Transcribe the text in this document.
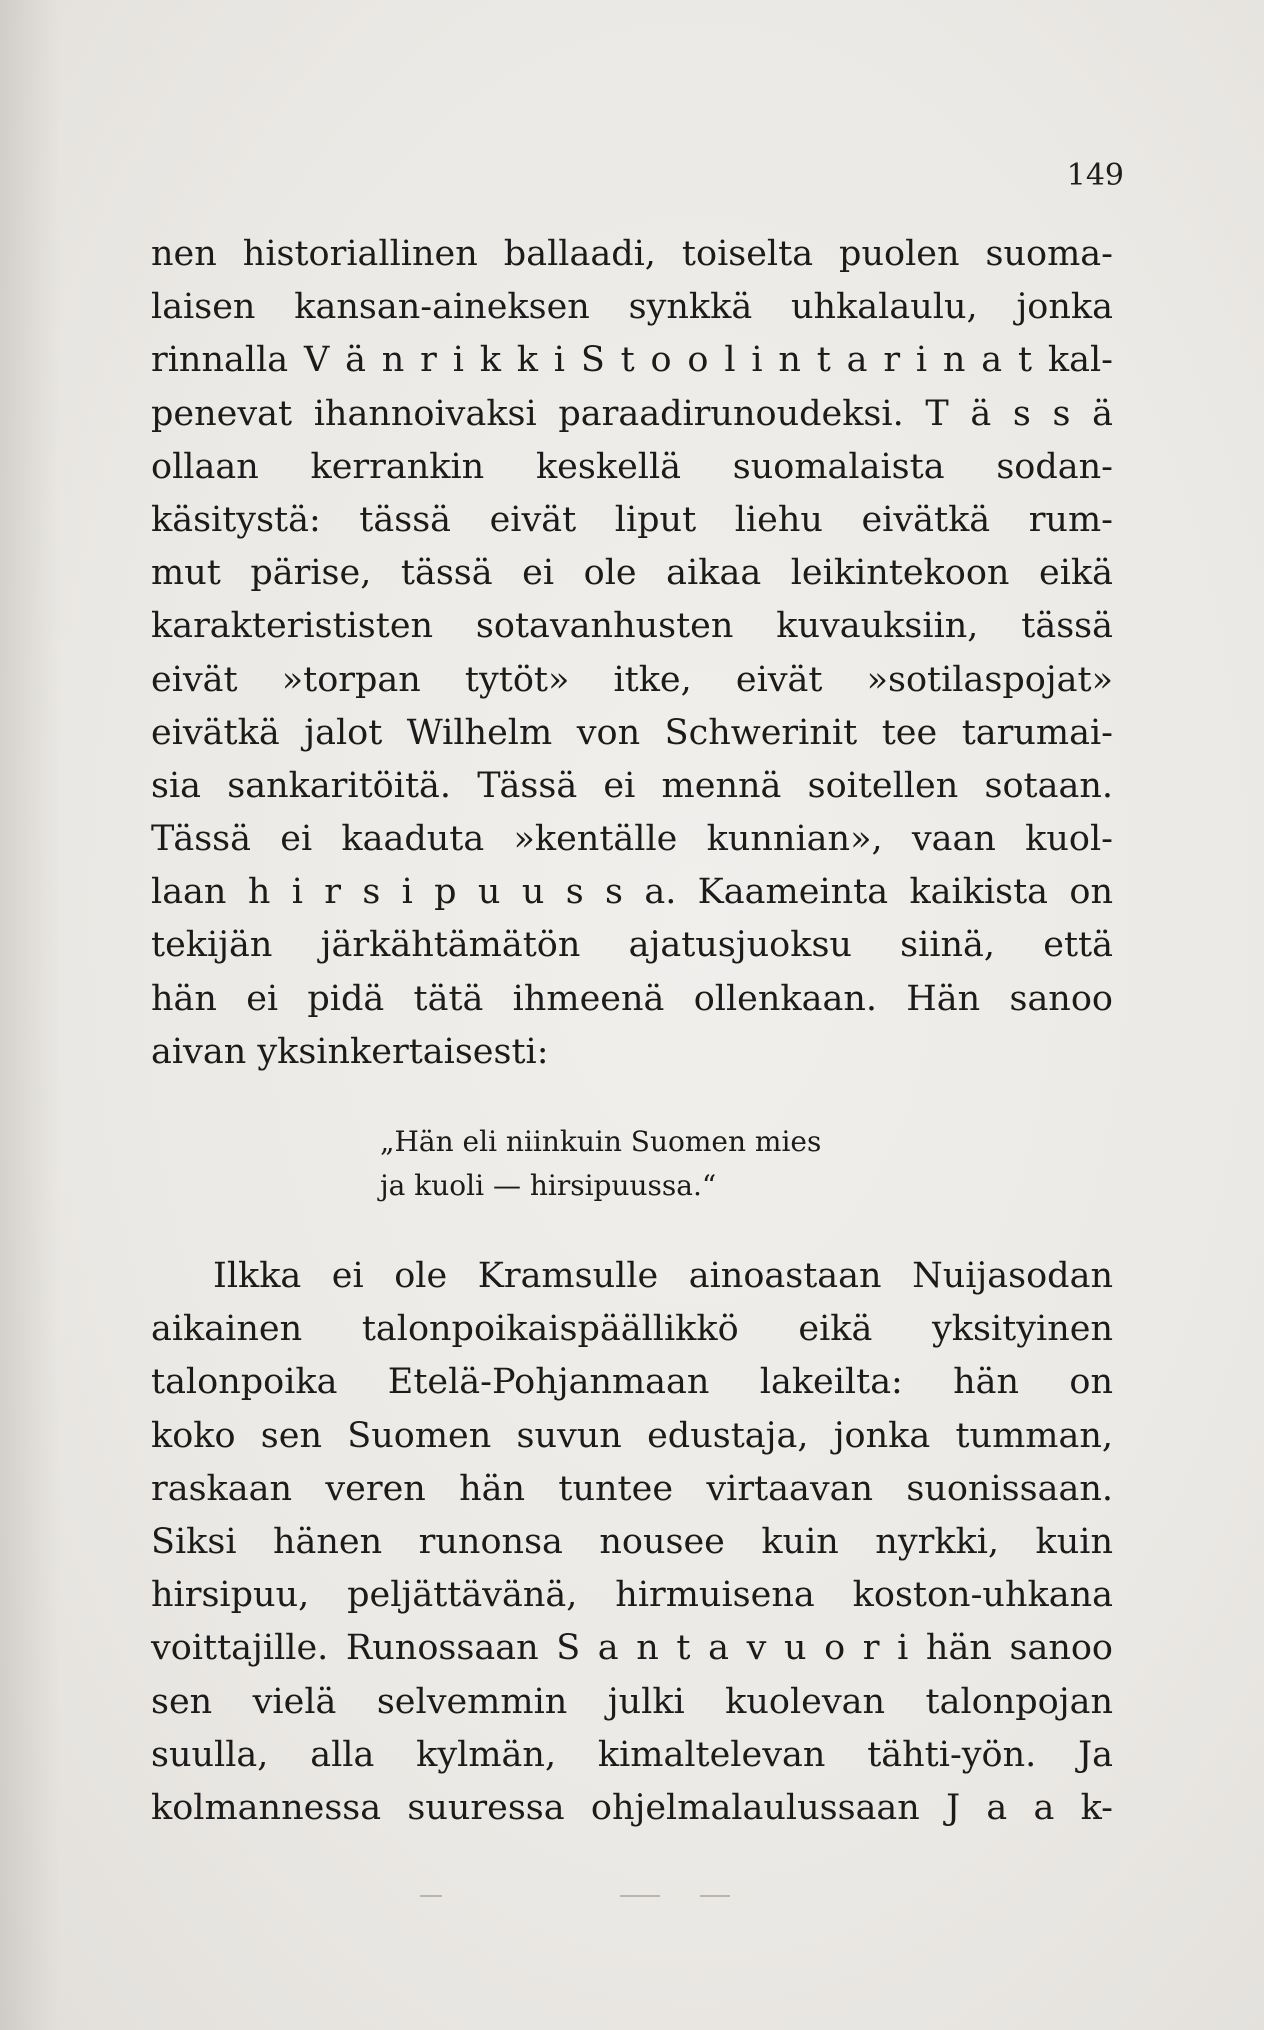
149

nen historiallinen ballaadi, toiselta puolen suoma-
laisen kansan-aineksen synkkä uhkalaulu, jonka
rinnalla V ä n r i k k i S t o o l i n t a r i n a t kal-
penevat ihannoivaksi paraadirunoudeksi. T ä s s ä
ollaan kerrankin keskellä suomalaista sodan-
käsitystä: tässä eivät liput liehu eivätkä rum-
mut pärise, tässä ei ole aikaa leikintekoon eikä
karakterististen sotavanhusten kuvauksiin, tässä
eivät »torpan tytöt» itke, eivät »sotilaspojat»
eivätkä jalot Wilhelm von Schwerinit tee tarumai-
sia sankaritöitä. Tässä ei mennä soitellen sotaan.
Tässä ei kaaduta »kentälle kunnian», vaan kuol-
laan h i r s i p u u s s a. Kaameinta kaikista on
tekijän järkähtämätön ajatusjuoksu siinä, että
hän ei pidä tätä ihmeenä ollenkaan. Hän sanoo
aivan yksinkertaisesti:
„Hän eli niinkuin Suomen mies
ja kuoli — hirsipuussa.“
Ilkka ei ole Kramsulle ainoastaan Nuijasodan
aikainen talonpoikaispäällikkö eikä yksityinen
talonpoika Etelä-Pohjanmaan lakeilta: hän on
koko sen Suomen suvun edustaja, jonka tumman,
raskaan veren hän tuntee virtaavan suonissaan.
Siksi hänen runonsa nousee kuin nyrkki, kuin
hirsipuu, peljättävänä, hirmuisena koston-uhkana
voittajille. Runossaan S a n t a v u o r i hän sanoo
sen vielä selvemmin julki kuolevan talonpojan
suulla, alla kylmän, kimaltelevan tähti-yön. Ja
kolmannessa suuressa ohjelmalaulussaan J a a k-
